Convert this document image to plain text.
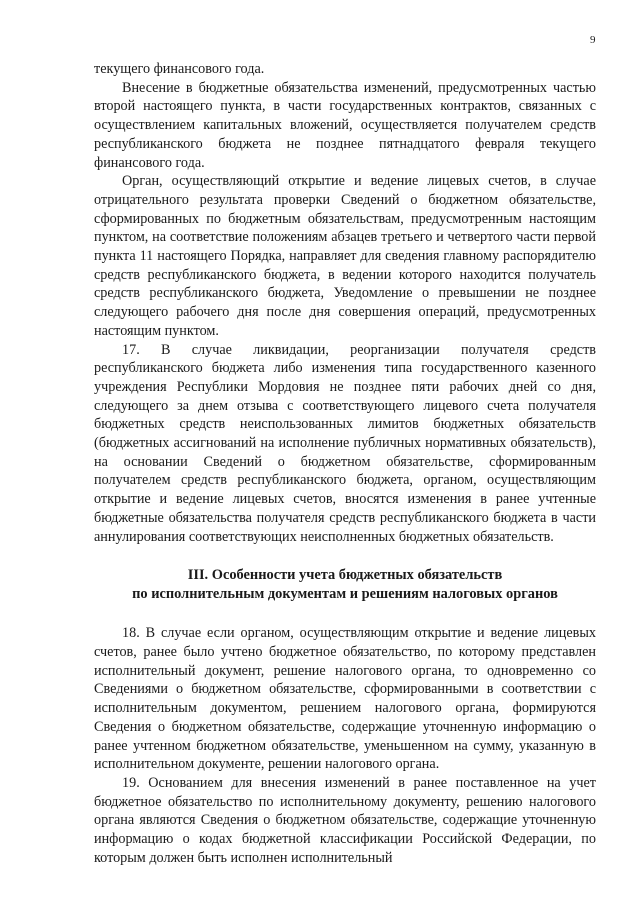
9

текущего финансового года.

Внесение в бюджетные обязательства изменений, предусмотренных частью второй настоящего пункта, в части государственных контрактов, связанных с осуществлением капитальных вложений, осуществляется получателем средств республиканского бюджета не позднее пятнадцатого февраля текущего финансового года.

Орган, осуществляющий открытие и ведение лицевых счетов, в случае отрицательного результата проверки Сведений о бюджетном обязательстве, сформированных по бюджетным обязательствам, предусмотренным настоящим пунктом, на соответствие положениям абзацев третьего и четвертого части первой пункта 11 настоящего Порядка, направляет для сведения главному распорядителю средств республиканского бюджета, в ведении которого находится получатель средств республиканского бюджета, Уведомление о превышении не позднее следующего рабочего дня после дня совершения операций, предусмотренных настоящим пунктом.

17. В случае ликвидации, реорганизации получателя средств республиканского бюджета либо изменения типа государственного казенного учреждения Республики Мордовия не позднее пяти рабочих дней со дня, следующего за днем отзыва с соответствующего лицевого счета получателя бюджетных средств неиспользованных лимитов бюджетных обязательств (бюджетных ассигнований на исполнение публичных нормативных обязательств), на основании Сведений о бюджетном обязательстве, сформированным получателем средств республиканского бюджета, органом, осуществляющим открытие и ведение лицевых счетов, вносятся изменения в ранее учтенные бюджетные обязательства получателя средств республиканского бюджета в части аннулирования соответствующих неисполненных бюджетных обязательств.

III. Особенности учета бюджетных обязательств
по исполнительным документам и решениям налоговых органов

18. В случае если органом, осуществляющим открытие и ведение лицевых счетов, ранее было учтено бюджетное обязательство, по которому представлен исполнительный документ, решение налогового органа, то одновременно со Сведениями о бюджетном обязательстве, сформированными в соответствии с исполнительным документом, решением налогового органа, формируются Сведения о бюджетном обязательстве, содержащие уточненную информацию о ранее учтенном бюджетном обязательстве, уменьшенном на сумму, указанную в исполнительном документе, решении налогового органа.

19. Основанием для внесения изменений в ранее поставленное на учет бюджетное обязательство по исполнительному документу, решению налогового органа являются Сведения о бюджетном обязательстве, содержащие уточненную информацию о кодах бюджетной классификации Российской Федерации, по которым должен быть исполнен исполнительный
